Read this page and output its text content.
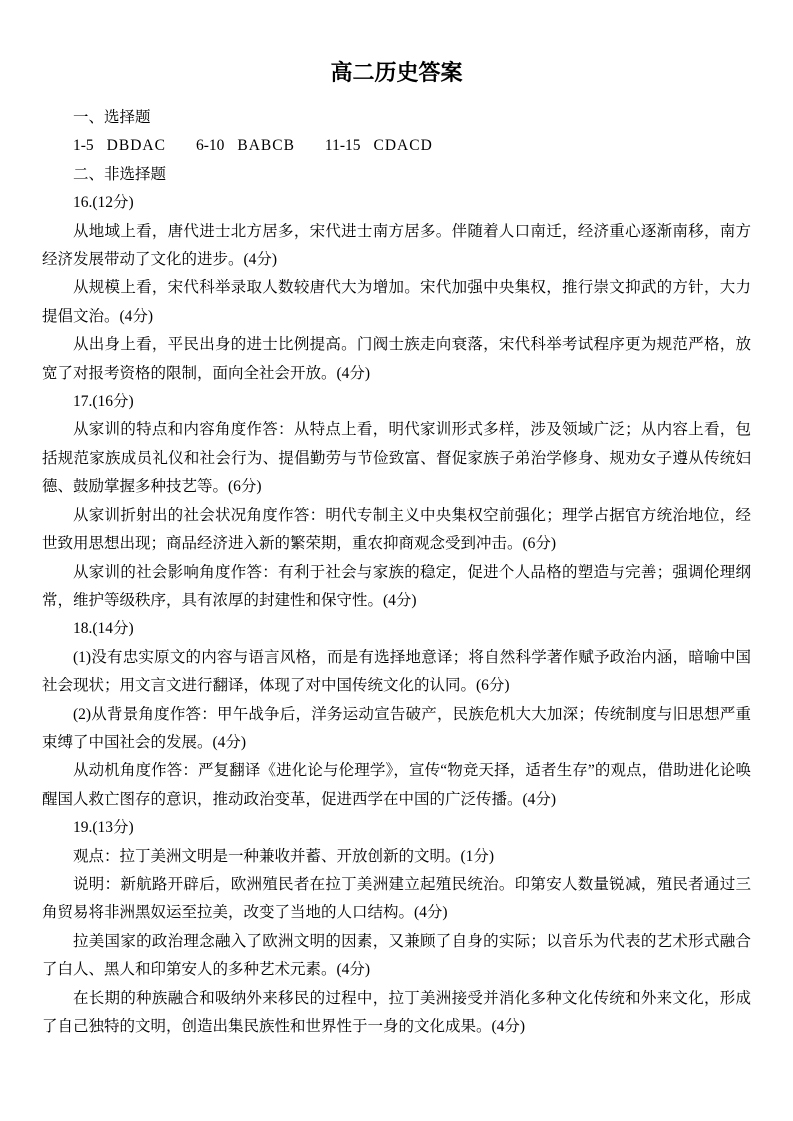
高二历史答案

一、选择题

1-5 DBDAC 6-10 BABCB 11-15 CDACD

二、非选择题

16.(12分)

从地域上看，唐代进士北方居多，宋代进士南方居多。伴随着人口南迁，经济重心逐渐南移，南方经济发展带动了文化的进步。(4分)

从规模上看，宋代科举录取人数较唐代大为增加。宋代加强中央集权，推行崇文抑武的方针，大力提倡文治。(4分)

从出身上看，平民出身的进士比例提高。门阀士族走向衰落，宋代科举考试程序更为规范严格，放宽了对报考资格的限制，面向全社会开放。(4分)

17.(16分)

从家训的特点和内容角度作答：从特点上看，明代家训形式多样，涉及领域广泛；从内容上看，包括规范家族成员礼仪和社会行为、提倡勤劳与节俭致富、督促家族子弟治学修身、规劝女子遵从传统妇德、鼓励掌握多种技艺等。(6分)

从家训折射出的社会状况角度作答：明代专制主义中央集权空前强化；理学占据官方统治地位，经世致用思想出现；商品经济进入新的繁荣期，重农抑商观念受到冲击。(6分)

从家训的社会影响角度作答：有利于社会与家族的稳定，促进个人品格的塑造与完善；强调伦理纲常，维护等级秩序，具有浓厚的封建性和保守性。(4分)

18.(14分)

(1)没有忠实原文的内容与语言风格，而是有选择地意译；将自然科学著作赋予政治内涵，暗喻中国社会现状；用文言文进行翻译，体现了对中国传统文化的认同。(6分)

(2)从背景角度作答：甲午战争后，洋务运动宣告破产，民族危机大大加深；传统制度与旧思想严重束缚了中国社会的发展。(4分)

从动机角度作答：严复翻译《进化论与伦理学》，宣传“物竞天择，适者生存”的观点，借助进化论唤醒国人救亡图存的意识，推动政治变革，促进西学在中国的广泛传播。(4分)

19.(13分)

观点：拉丁美洲文明是一种兼收并蓄、开放创新的文明。(1分)

说明：新航路开辟后，欧洲殖民者在拉丁美洲建立起殖民统治。印第安人数量锐减，殖民者通过三角贸易将非洲黑奴运至拉美，改变了当地的人口结构。(4分)

拉美国家的政治理念融入了欧洲文明的因素，又兼顾了自身的实际；以音乐为代表的艺术形式融合了白人、黑人和印第安人的多种艺术元素。(4分)

在长期的种族融合和吸纳外来移民的过程中，拉丁美洲接受并消化多种文化传统和外来文化，形成了自己独特的文明，创造出集民族性和世界性于一身的文化成果。(4分)
